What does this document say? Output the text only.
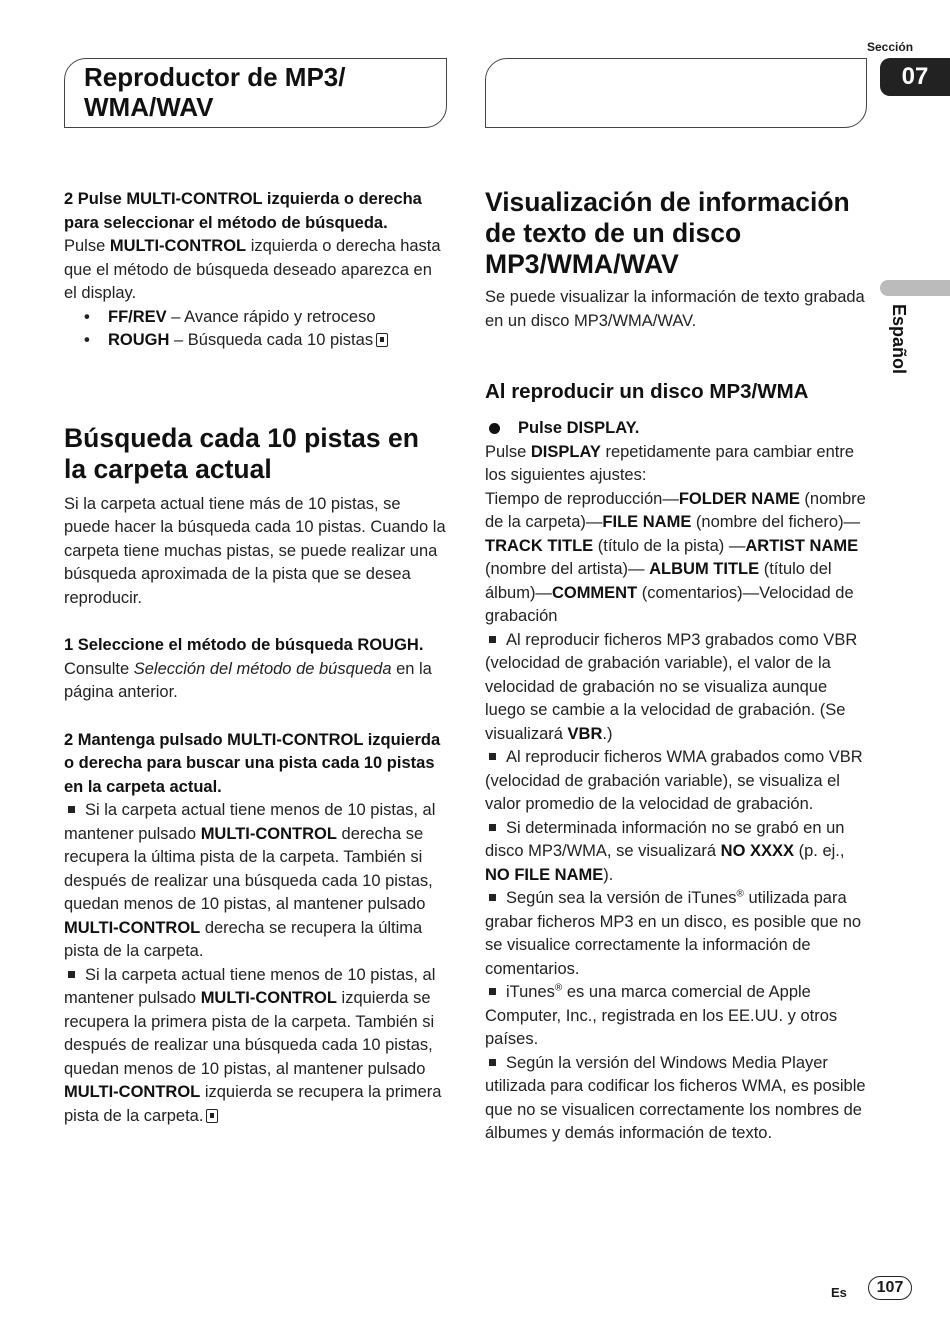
Reproductor de MP3/
WMA/WAV
Sección
07
Español

2 Pulse MULTI-CONTROL izquierda o derecha para seleccionar el método de búsqueda.

Pulse MULTI-CONTROL izquierda o derecha hasta que el método de búsqueda deseado aparezca en el display.

• FF/REV – Avance rápido y retroceso
• ROUGH – Búsqueda cada 10 pistas
Búsqueda cada 10 pistas en la carpeta actual

Si la carpeta actual tiene más de 10 pistas, se puede hacer la búsqueda cada 10 pistas. Cuando la carpeta tiene muchas pistas, se puede realizar una búsqueda aproximada de la pista que se desea reproducir.

1 Seleccione el método de búsqueda ROUGH.

Consulte Selección del método de búsqueda en la página anterior.

2 Mantenga pulsado MULTI-CONTROL izquierda o derecha para buscar una pista cada 10 pistas en la carpeta actual.

Si la carpeta actual tiene menos de 10 pistas, al mantener pulsado MULTI-CONTROL derecha se recupera la última pista de la carpeta. También si después de realizar una búsqueda cada 10 pistas, quedan menos de 10 pistas, al mantener pulsado MULTI-CONTROL derecha se recupera la última pista de la carpeta.

Si la carpeta actual tiene menos de 10 pistas, al mantener pulsado MULTI-CONTROL izquierda se recupera la primera pista de la carpeta. También si después de realizar una búsqueda cada 10 pistas, quedan menos de 10 pistas, al mantener pulsado MULTI-CONTROL izquierda se recupera la primera pista de la carpeta.

Visualización de información de texto de un disco MP3/WMA/WAV

Se puede visualizar la información de texto grabada en un disco MP3/WMA/WAV.

Al reproducir un disco MP3/WMA

Pulse DISPLAY.

Pulse DISPLAY repetidamente para cambiar entre los siguientes ajustes:

Tiempo de reproducción—FOLDER NAME (nombre de la carpeta)—FILE NAME (nombre del fichero)—TRACK TITLE (título de la pista) —ARTIST NAME (nombre del artista)— ALBUM TITLE (título del álbum)—COMMENT (comentarios)—Velocidad de grabación

Al reproducir ficheros MP3 grabados como VBR (velocidad de grabación variable), el valor de la velocidad de grabación no se visualiza aunque luego se cambie a la velocidad de grabación. (Se visualizará VBR.)

Al reproducir ficheros WMA grabados como VBR (velocidad de grabación variable), se visualiza el valor promedio de la velocidad de grabación.

Si determinada información no se grabó en un disco MP3/WMA, se visualizará NO XXXX (p. ej., NO FILE NAME).

Según sea la versión de iTunes® utilizada para grabar ficheros MP3 en un disco, es posible que no se visualice correctamente la información de comentarios.

iTunes® es una marca comercial de Apple Computer, Inc., registrada en los EE.UU. y otros países.

Según la versión del Windows Media Player utilizada para codificar los ficheros WMA, es posible que no se visualicen correctamente los nombres de álbumes y demás información de texto.

Es	107
